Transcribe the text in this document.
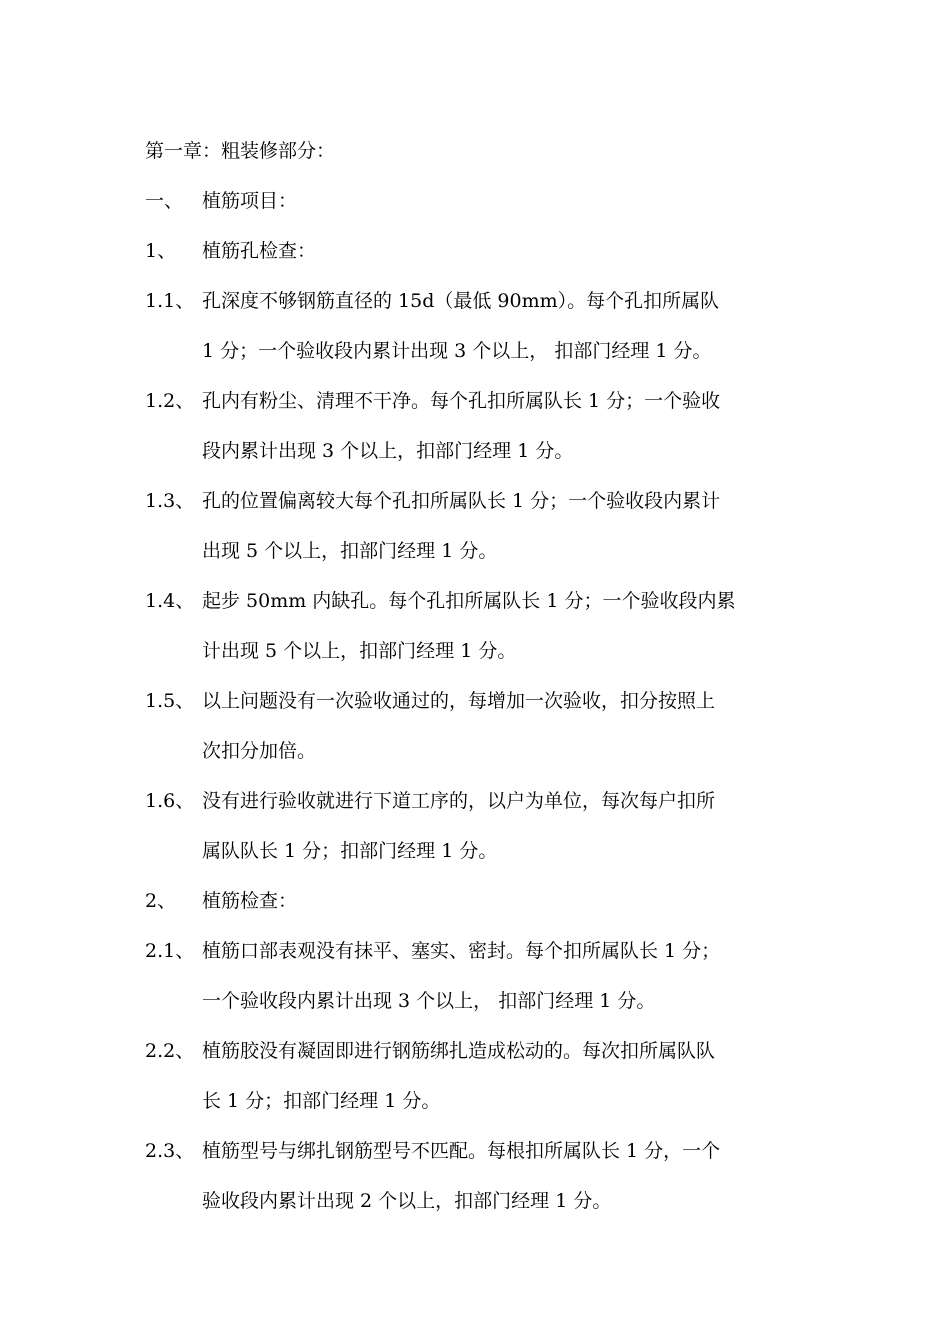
第一章：粗装修部分：
一、 植筋项目：
1、 植筋孔检查：
1.1、 孔深度不够钢筋直径的 15d（最低 90mm）。每个孔扣所属队
1 分；一个验收段内累计出现 3 个以上， 扣部门经理 1 分。
1.2、 孔内有粉尘、清理不干净。每个孔扣所属队长 1 分；一个验收
段内累计出现 3 个以上，扣部门经理 1 分。
1.3、 孔的位置偏离较大每个孔扣所属队长 1 分；一个验收段内累计
出现 5 个以上，扣部门经理 1 分。
1.4、 起步 50mm 内缺孔。每个孔扣所属队长 1 分；一个验收段内累
计出现 5 个以上，扣部门经理 1 分。
1.5、 以上问题没有一次验收通过的，每增加一次验收，扣分按照上
次扣分加倍。
1.6、 没有进行验收就进行下道工序的，以户为单位，每次每户扣所
属队队长 1 分；扣部门经理 1 分。
2、 植筋检查：
2.1、 植筋口部表观没有抹平、塞实、密封。每个扣所属队长 1 分；
一个验收段内累计出现 3 个以上， 扣部门经理 1 分。
2.2、 植筋胶没有凝固即进行钢筋绑扎造成松动的。每次扣所属队队
长 1 分；扣部门经理 1 分。
2.3、 植筋型号与绑扎钢筋型号不匹配。每根扣所属队长 1 分，一个
验收段内累计出现 2 个以上，扣部门经理 1 分。
